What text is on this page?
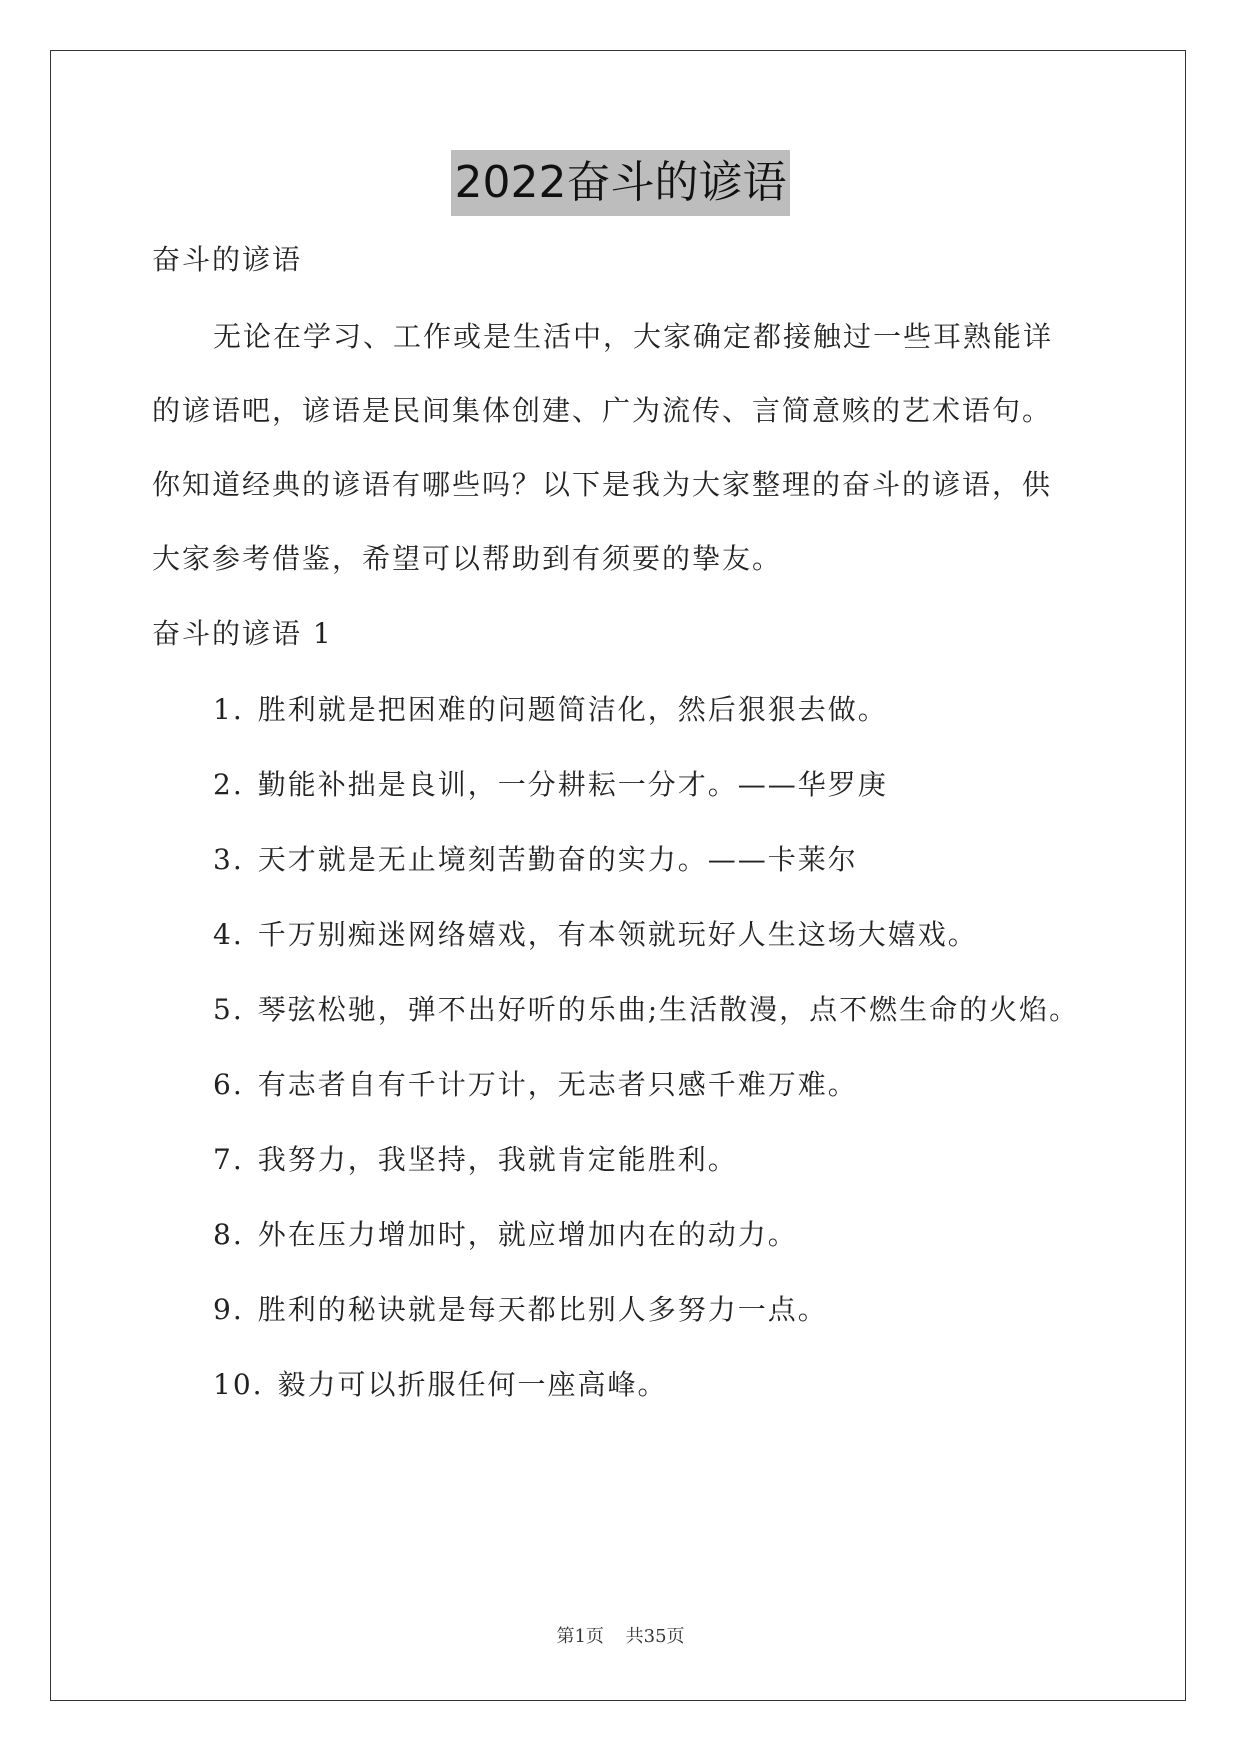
2022奋斗的谚语
奋斗的谚语
无论在学习、工作或是生活中，大家确定都接触过一些耳熟能详
的谚语吧，谚语是民间集体创建、广为流传、言简意赅的艺术语句。
你知道经典的谚语有哪些吗？以下是我为大家整理的奋斗的谚语，供
大家参考借鉴，希望可以帮助到有须要的挚友。
奋斗的谚语 1
1. 胜利就是把困难的问题简洁化，然后狠狠去做。
2. 勤能补拙是良训，一分耕耘一分才。——华罗庚
3. 天才就是无止境刻苦勤奋的实力。——卡莱尔
4. 千万别痴迷网络嬉戏，有本领就玩好人生这场大嬉戏。
5. 琴弦松驰，弹不出好听的乐曲;生活散漫，点不燃生命的火焰。
6. 有志者自有千计万计，无志者只感千难万难。
7. 我努力，我坚持，我就肯定能胜利。
8. 外在压力增加时，就应增加内在的动力。
9. 胜利的秘诀就是每天都比别人多努力一点。
10. 毅力可以折服任何一座高峰。
第1页 共35页
